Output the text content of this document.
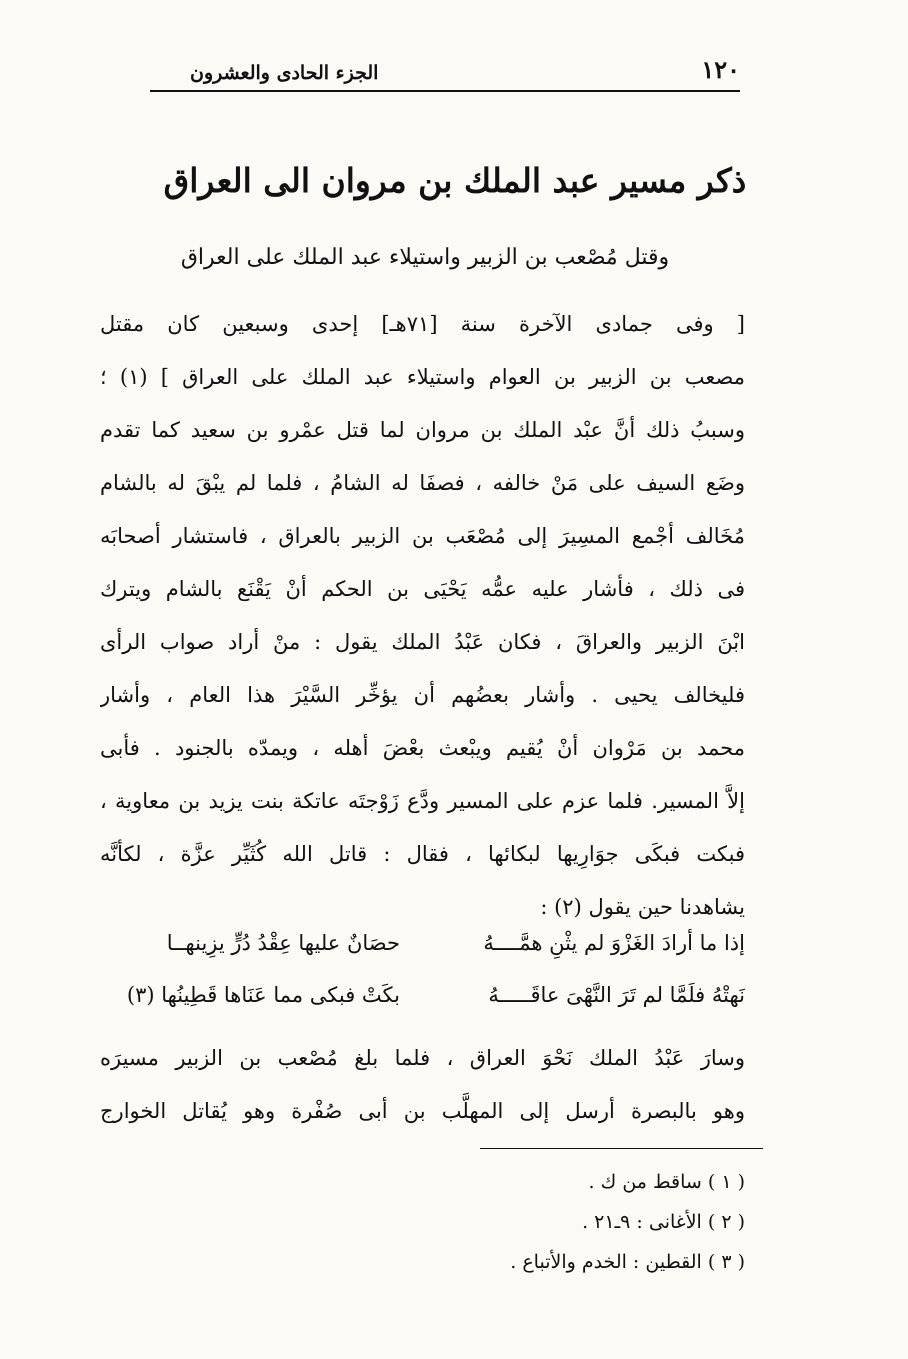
١٢٠
الجزء الحادى والعشرون
ذكر مسير عبد الملك بن مروان الى العراق
وقتل مُصْعب بن الزبير واستيلاء عبد الملك على العراق
[ وفى جمادى الآخرة سنة [٧١هـ] إحدى وسبعين كان مقتل
مصعب بن الزبير بن العوام واستيلاء عبد الملك على العراق ] (١) ؛
وسببُ ذلك أنَّ عبْد الملك بن مروان لما قتل عمْرو بن سعيد كما تقدم
وضَع السيف على مَنْ خالفه ، فصفَا له الشامُ ، فلما لم يبْقَ له بالشام
مُخَالف أجْمع المسِيرَ إلى مُصْعَب بن الزبير بالعراق ، فاستشار أصحابَه
فى ذلك ، فأشار عليه عمُّه يَحْيَى بن الحكم أنْ يَقْنَع بالشام ويترك
ابْنَ الزبير والعراقَ ، فكان عَبْدُ الملك يقول : منْ أراد صواب الرأى
فليخالف يحيى . وأشار بعضُهم أن يؤخِّر السَّيْرَ هذا العام ، وأشار
محمد بن مَرْوان أنْ يُقيم ويبْعث بعْضَ أهله ، ويمدّه بالجنود . فأبى
إلاَّ المسير. فلما عزم على المسير ودَّع زَوْجتَه عاتكة بنت يزيد بن معاوية ،
فبكت فبكَى جوَارِيها لبكائها ، فقال : قاتل الله كُثَيِّر عزَّة ، لكأنَّه
يشاهدنا حين يقول (٢) :
إذا ما أرادَ الغَزْوَ لم يثْنِ همَّــــهُ
حصَانٌ عليها عِقْدُ دُرٍّ يزِينهــا
نَهتْهُ فلَمَّا لم تَرَ النَّهْىَ عاقَـــــهُ
بكَتْ فبكى مما عَنَاها قَطِينُها (٣)
وسارَ عَبْدُ الملك نَحْوَ العراق ، فلما بلغ مُصْعب بن الزبير مسيرَه
وهو بالبصرة أرسل إلى المهلَّب بن أبى صُفْرة وهو يُقاتل الخوارج
( ١ ) ساقط من ك .
( ٢ ) الأغانى : ٩ـ٢١ .
( ٣ ) القطين : الخدم والأتباع .
